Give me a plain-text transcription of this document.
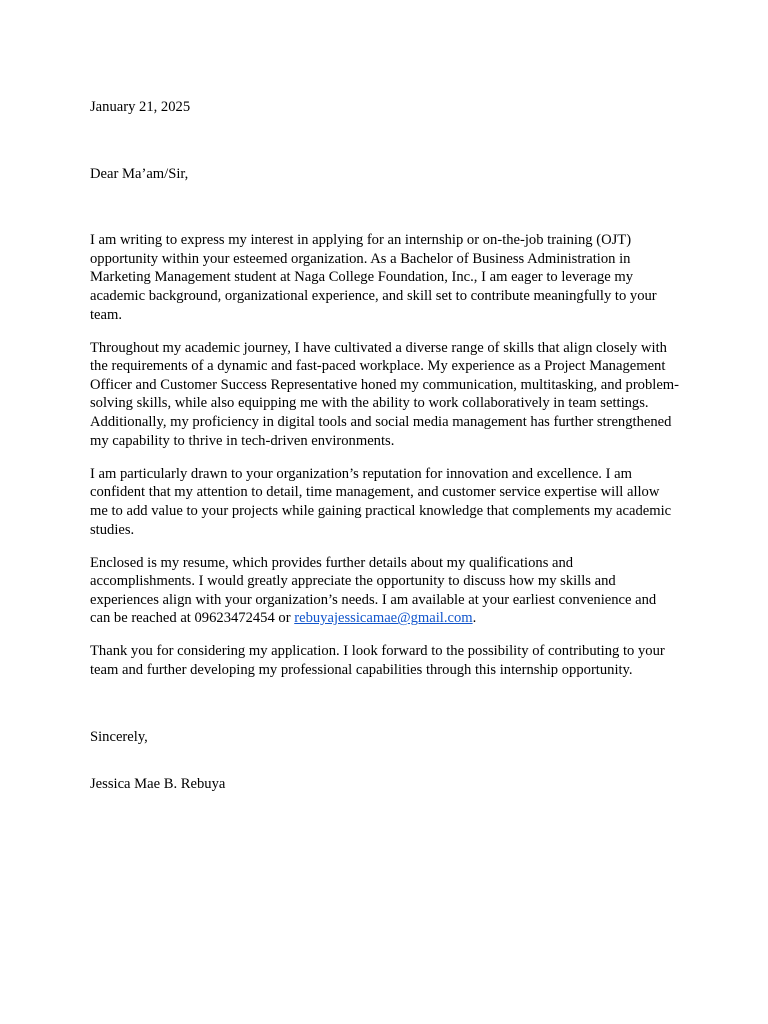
January 21, 2025

Dear Ma’am/Sir,

I am writing to express my interest in applying for an internship or on-the-job training (OJT) opportunity within your esteemed organization. As a Bachelor of Business Administration in Marketing Management student at Naga College Foundation, Inc., I am eager to leverage my academic background, organizational experience, and skill set to contribute meaningfully to your team.

Throughout my academic journey, I have cultivated a diverse range of skills that align closely with the requirements of a dynamic and fast-paced workplace. My experience as a Project Management Officer and Customer Success Representative honed my communication, multitasking, and problem-solving skills, while also equipping me with the ability to work collaboratively in team settings. Additionally, my proficiency in digital tools and social media management has further strengthened my capability to thrive in tech-driven environments.

I am particularly drawn to your organization’s reputation for innovation and excellence. I am confident that my attention to detail, time management, and customer service expertise will allow me to add value to your projects while gaining practical knowledge that complements my academic studies.

Enclosed is my resume, which provides further details about my qualifications and accomplishments. I would greatly appreciate the opportunity to discuss how my skills and experiences align with your organization’s needs. I am available at your earliest convenience and can be reached at 09623472454 or rebuyajessicamae@gmail.com.

Thank you for considering my application. I look forward to the possibility of contributing to your team and further developing my professional capabilities through this internship opportunity.

Sincerely,

Jessica Mae B. Rebuya
